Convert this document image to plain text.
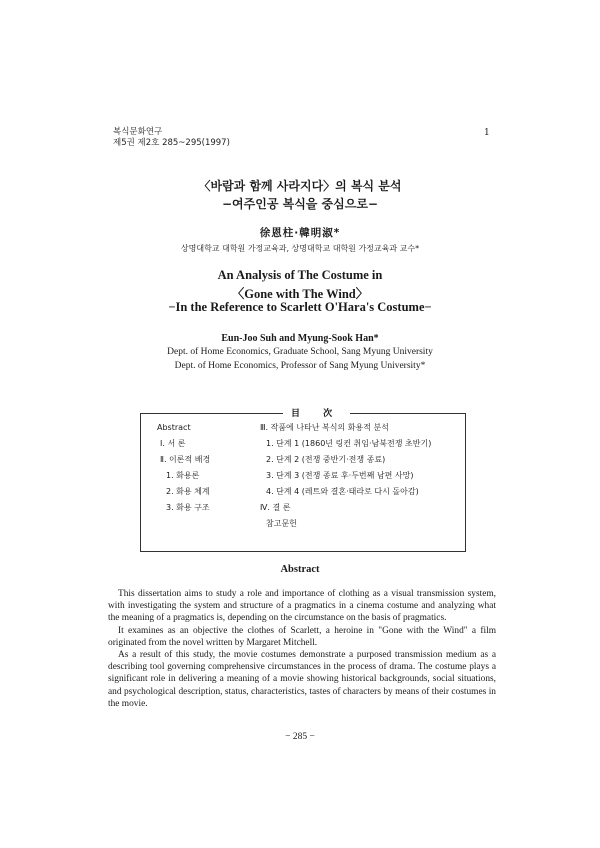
복식문화연구
제5권 제2호 285~295(1997)
1
〈바람과 함께 사라지다〉의 복식 분석
−여주인공 복식을 중심으로−
徐恩柱·韓明淑*
상명대학교 대학원 가정교육과, 상명대학교 대학원 가정교육과 교수*
An Analysis of The Costume in
〈Gone with The Wind〉
−In the Reference to Scarlett O'Hara's Costume−
Eun-Joo Suh and Myung-Sook Han*
Dept. of Home Economics, Graduate School, Sang Myung University
Dept. of Home Economics, Professor of Sang Myung University*
目 次
Abstract
Ⅰ. 서 론
Ⅱ. 이론적 배경
1. 화용론
2. 화용 체계
3. 화용 구조
Ⅲ. 작품에 나타난 복식의 화용적 분석
1. 단계 1 (1860년 링컨 취임·남북전쟁 초반기)
2. 단계 2 (전쟁 중반기·전쟁 종료)
3. 단계 3 (전쟁 종료 후·두번째 남편 사망)
4. 단계 4 (레트와 결혼·태라로 다시 돌아감)
Ⅳ. 결 론
참고문헌
Abstract

This dissertation aims to study a role and importance of clothing as a visual transmission system, with investigating the system and structure of a pragmatics in a cinema costume and analyzing what the meaning of a pragmatics is, depending on the circumstance on the basis of pragmatics.

It examines as an objective the clothes of Scarlett, a heroine in "Gone with the Wind" a film originated from the novel written by Margaret Mitchell.

As a result of this study, the movie costumes demonstrate a purposed transmission medium as a describing tool governing comprehensive circumstances in the process of drama. The costume plays a significant role in delivering a meaning of a movie showing historical backgrounds, social situations, and psychological description, status, characteristics, tastes of characters by means of their costumes in the movie.

− 285 −
